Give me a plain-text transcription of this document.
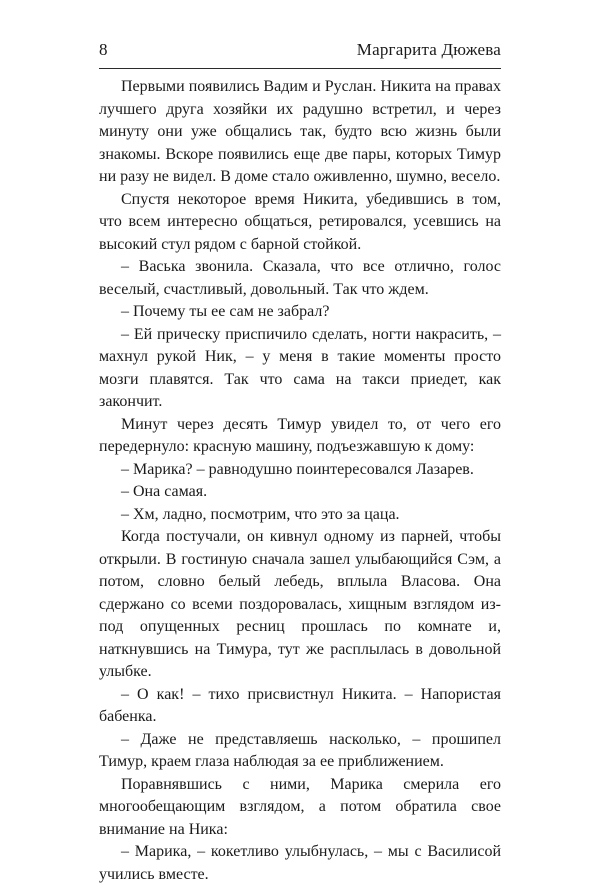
8	Маргарита Дюжева

Первыми появились Вадим и Руслан. Никита на правах лучшего друга хозяйки их радушно встретил, и через минуту они уже общались так, будто всю жизнь были знакомы. Вскоре появились еще две пары, которых Тимур ни разу не видел. В доме стало оживленно, шумно, весело.

Спустя некоторое время Никита, убедившись в том, что всем интересно общаться, ретировался, усевшись на высокий стул рядом с барной стойкой.

– Васька звонила. Сказала, что все отлично, голос веселый, счастливый, довольный. Так что ждем.

– Почему ты ее сам не забрал?

– Ей прическу приспичило сделать, ногти накрасить, – махнул рукой Ник, – у меня в такие моменты просто мозги плавятся. Так что сама на такси приедет, как закончит.

Минут через десять Тимур увидел то, от чего его передернуло: красную машину, подъезжавшую к дому:

– Марика? – равнодушно поинтересовался Лазарев.

– Она самая.

– Хм, ладно, посмотрим, что это за цаца.

Когда постучали, он кивнул одному из парней, чтобы открыли. В гостиную сначала зашел улыбающийся Сэм, а потом, словно белый лебедь, вплыла Власова. Она сдержано со всеми поздоровалась, хищным взглядом из-под опущенных ресниц прошлась по комнате и, наткнувшись на Тимура, тут же расплылась в довольной улыбке.

– О как! – тихо присвистнул Никита. – Напористая бабенка.

– Даже не представляешь насколько, – прошипел Тимур, краем глаза наблюдая за ее приближением.

Поравнявшись с ними, Марика смерила его многообещающим взглядом, а потом обратила свое внимание на Ника:

– Марика, – кокетливо улыбнулась, – мы с Василисой учились вместе.
